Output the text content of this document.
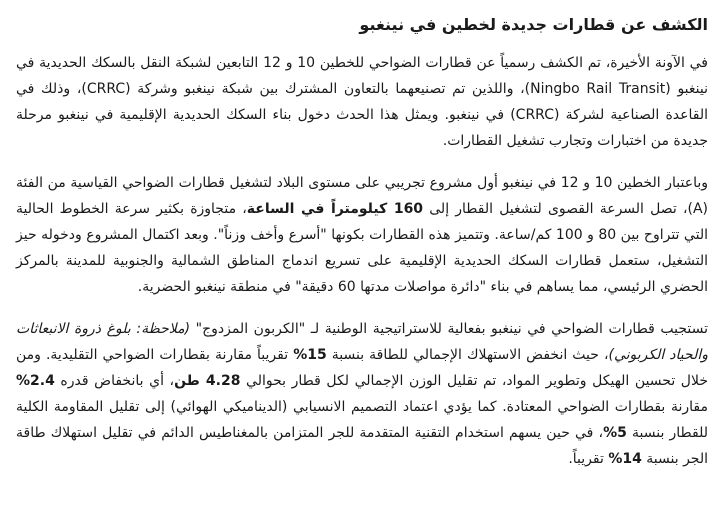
الكشف عن قطارات جديدة لخطين في نينغبو

في الآونة الأخيرة، تم الكشف رسمياً عن قطارات الضواحي للخطين 10 و 12 التابعين لشبكة النقل بالسكك الحديدية في نينغبو (Ningbo Rail Transit)، واللذين تم تصنيعهما بالتعاون المشترك بين شبكة نينغبو وشركة (CRRC)، وذلك في القاعدة الصناعية لشركة (CRRC) في نينغبو. ويمثل هذا الحدث دخول بناء السكك الحديدية الإقليمية في نينغبو مرحلة جديدة من اختبارات وتجارب تشغيل القطارات.

وباعتبار الخطين 10 و 12 في نينغبو أول مشروع تجريبي على مستوى البلاد لتشغيل قطارات الضواحي القياسية من الفئة (A)، تصل السرعة القصوى لتشغيل القطار إلى 160 كيلومتراً في الساعة، متجاوزة بكثير سرعة الخطوط الحالية التي تتراوح بين 80 و 100 كم/ساعة. وتتميز هذه القطارات بكونها "أسرع وأخف وزناً". وبعد اكتمال المشروع ودخوله حيز التشغيل، ستعمل قطارات السكك الحديدية الإقليمية على تسريع اندماج المناطق الشمالية والجنوبية للمدينة بالمركز الحضري الرئيسي، مما يساهم في بناء "دائرة مواصلات مدتها 60 دقيقة" في منطقة نينغبو الحضرية.

تستجيب قطارات الضواحي في نينغبو بفعالية للاستراتيجية الوطنية لـ "الكربون المزدوج" (ملاحظة: بلوغ ذروة الانبعاثات والحياد الكربوني)، حيث انخفض الاستهلاك الإجمالي للطاقة بنسبة 15% تقريباً مقارنة بقطارات الضواحي التقليدية. ومن خلال تحسين الهيكل وتطوير المواد، تم تقليل الوزن الإجمالي لكل قطار بحوالي 4.28 طن، أي بانخفاض قدره 2.4% مقارنة بقطارات الضواحي المعتادة. كما يؤدي اعتماد التصميم الانسيابي (الديناميكي الهوائي) إلى تقليل المقاومة الكلية للقطار بنسبة 5%، في حين يسهم استخدام التقنية المتقدمة للجر المتزامن بالمغناطيس الدائم في تقليل استهلاك طاقة الجر بنسبة 14% تقريباً.
